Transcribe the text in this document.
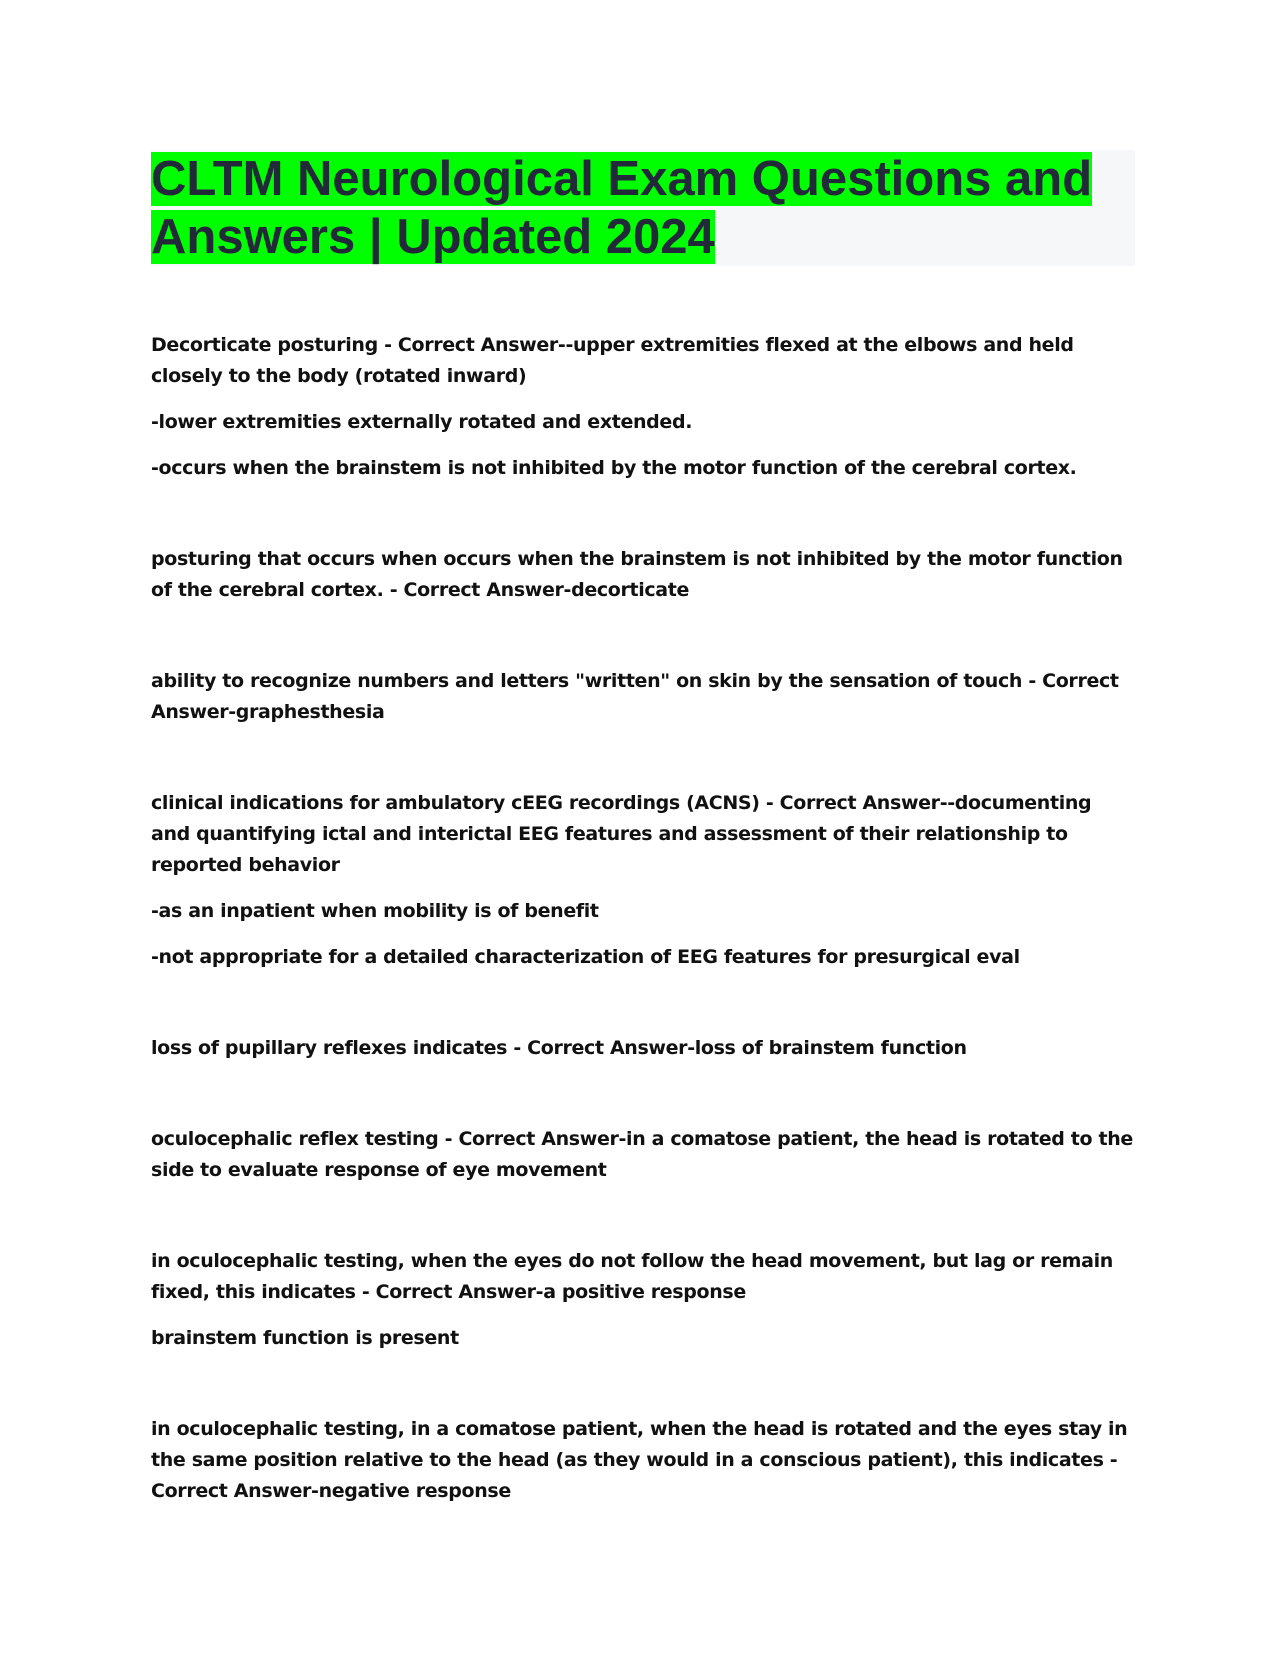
CLTM Neurological Exam Questions and Answers | Updated 2024

Decorticate posturing - Correct Answer--upper extremities flexed at the elbows and held closely to the body (rotated inward)

-lower extremities externally rotated and extended.

-occurs when the brainstem is not inhibited by the motor function of the cerebral cortex.

posturing that occurs when occurs when the brainstem is not inhibited by the motor function of the cerebral cortex. - Correct Answer-decorticate

ability to recognize numbers and letters "written" on skin by the sensation of touch - Correct Answer-graphesthesia

clinical indications for ambulatory cEEG recordings (ACNS) - Correct Answer--documenting and quantifying ictal and interictal EEG features and assessment of their relationship to reported behavior

-as an inpatient when mobility is of benefit

-not appropriate for a detailed characterization of EEG features for presurgical eval

loss of pupillary reflexes indicates - Correct Answer-loss of brainstem function

oculocephalic reflex testing - Correct Answer-in a comatose patient, the head is rotated to the side to evaluate response of eye movement

in oculocephalic testing, when the eyes do not follow the head movement, but lag or remain fixed, this indicates - Correct Answer-a positive response

brainstem function is present

in oculocephalic testing, in a comatose patient, when the head is rotated and the eyes stay in the same position relative to the head (as they would in a conscious patient), this indicates - Correct Answer-negative response
